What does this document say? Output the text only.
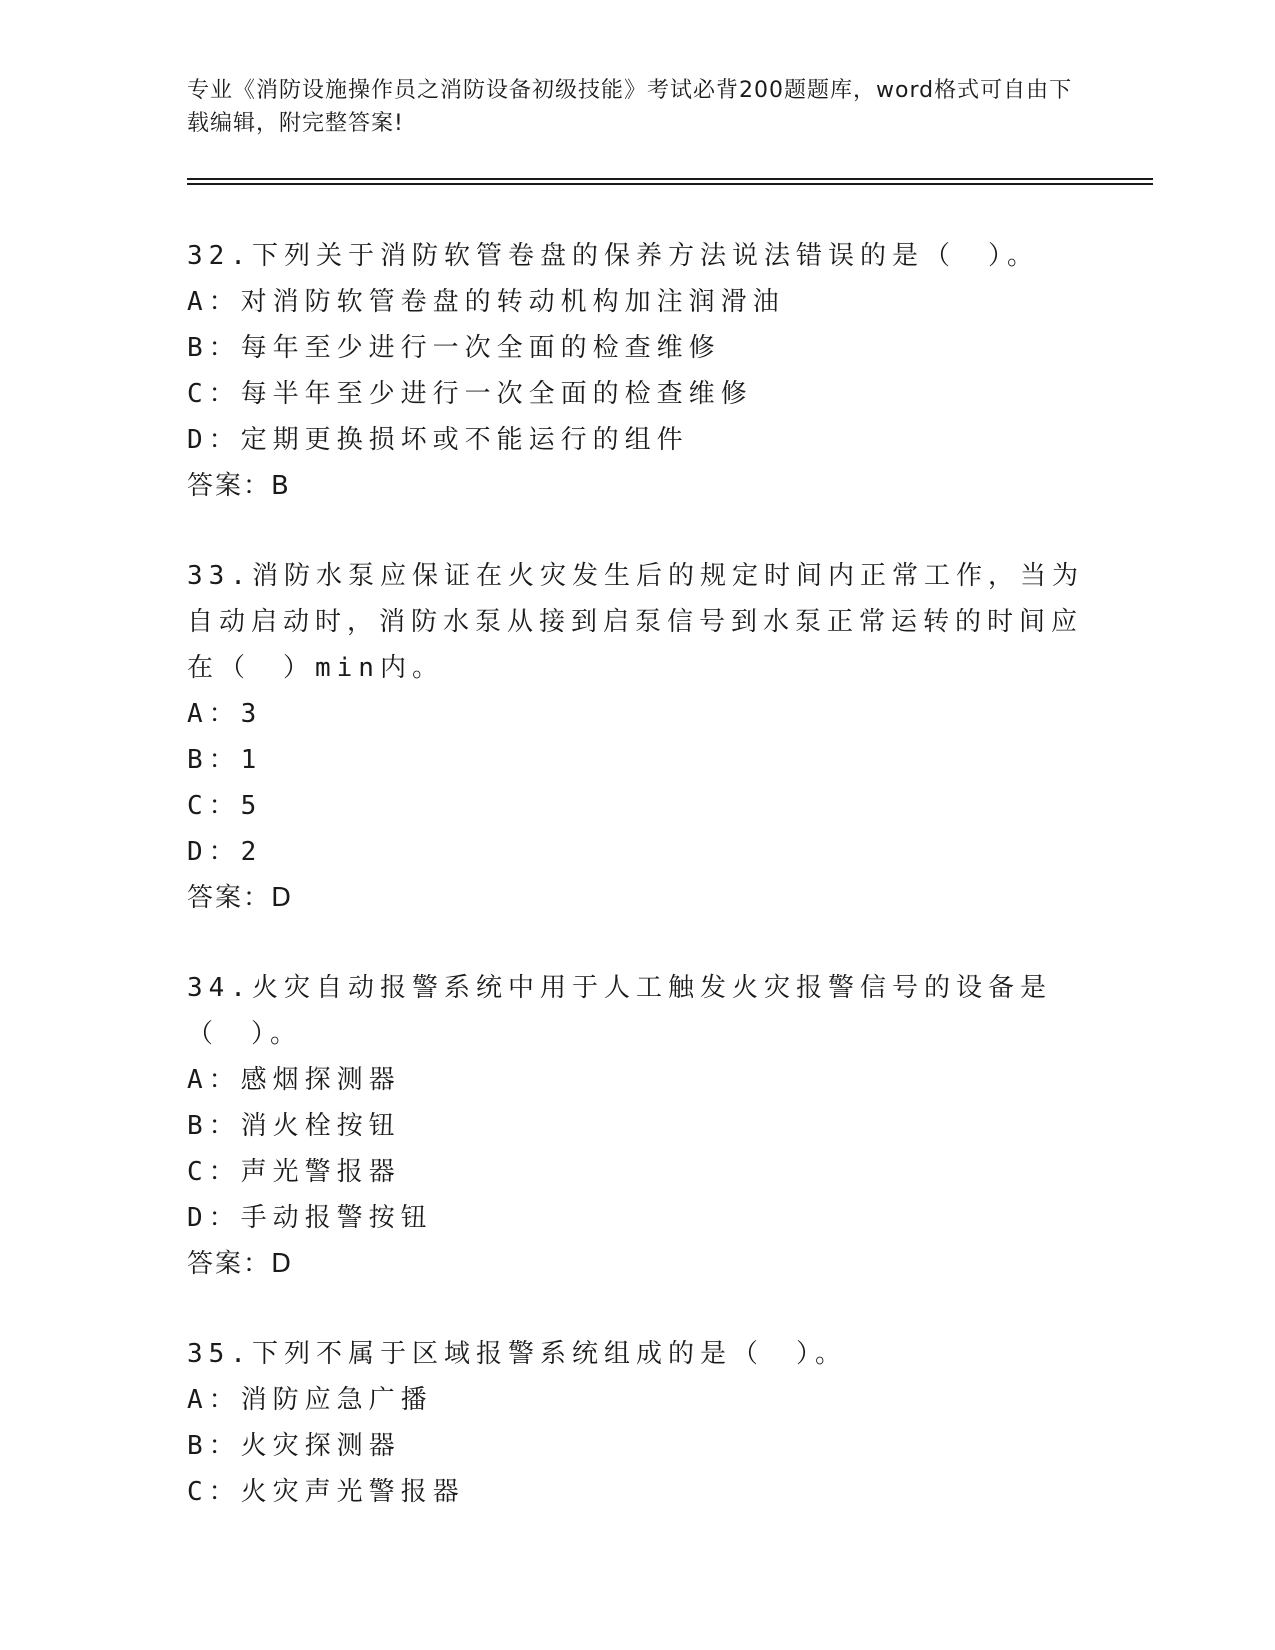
专业《消防设施操作员之消防设备初级技能》考试必背200题题库，word格式可自由下载编辑，附完整答案!
32.下列关于消防软管卷盘的保养方法说法错误的是（　）。
A：对消防软管卷盘的转动机构加注润滑油
B：每年至少进行一次全面的检查维修
C：每半年至少进行一次全面的检查维修
D：定期更换损坏或不能运行的组件
答案：B
33.消防水泵应保证在火灾发生后的规定时间内正常工作，当为自动启动时，消防水泵从接到启泵信号到水泵正常运转的时间应在（　）min内。
A：3
B：1
C：5
D：2
答案：D
34.火灾自动报警系统中用于人工触发火灾报警信号的设备是（　）。
A：感烟探测器
B：消火栓按钮
C：声光警报器
D：手动报警按钮
答案：D
35.下列不属于区域报警系统组成的是（　）。
A：消防应急广播
B：火灾探测器
C：火灾声光警报器
